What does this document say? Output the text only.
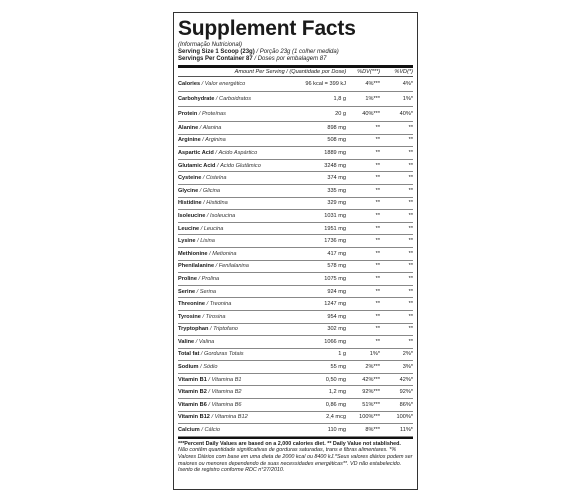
Supplement Facts
(Informação Nutricional)
Serving Size 1 Scoop (23g) / Porção 23g (1 colher medida)
Servings Per Container 87 / Doses por embalagem 87
Amount Per Serving / (Quantidade por Dose)	%DV(***)	%VD(*)
Calories / Valor energético	96 kcal = 399 kJ	4%***	4%*
Carbohydrate / Carboidratos	1,8 g	1%***	1%*
Protein / Proteínas	20 g	40%***	40%*
Alanine / Alanina	898 mg	**	**
Arginine / Arginina	508 mg	**	**
Aspartic Acid / Ácido Aspártico	1889 mg	**	**
Glutamic Acid / Ácido Glutâmico	3248 mg	**	**
Cysteine / Cisteína	374 mg	**	**
Glycine / Glicina	335 mg	**	**
Histidine / Histidina	329 mg	**	**
Isoleucine / Isoleucina	1031 mg	**	**
Leucine / Leucina	1951 mg	**	**
Lysine / Lisina	1736 mg	**	**
Methionine / Metionina	417 mg	**	**
Phenilalanine / Fenilalanina	578 mg	**	**
Proline / Prolina	1075 mg	**	**
Serine / Serina	924 mg	**	**
Threonine / Treonina	1247 mg	**	**
Tyrosine / Tirosina	954 mg	**	**
Tryptophan / Triptofano	302 mg	**	**
Valine / Valina	1066 mg	**	**
Total fat / Gorduras Totais	1 g	1%*	2%*
Sodium / Sódio	55 mg	2%***	3%*
Vitamin B1 / Vitamina B1	0,50 mg	42%***	42%*
Vitamin B2 / Vitamina B2	1,2 mg	92%***	92%*
Vitamin B6 / Vitamina B6	0,86 mg	51%***	86%*
Vitamin B12 / Vitamina B12	2,4 mcg	100%***	100%*
Calcium / Cálcio	110 mg	8%***	11%*
***Percent Daily Values are based on a 2,000 calories diet. ** Daily Value not stablished.
Não contêm quantidade significativas de gorduras saturadas, trans e fibras alimentares. *% Valores Diários com base em uma dieta de 2000 kcal ou 8400 kJ.*Seus valores diários podem ser maiores ou menores dependendo de suas necessidades energéticas**. VD não estabelecido. Isento de registro conforme RDC n°27/2010.
